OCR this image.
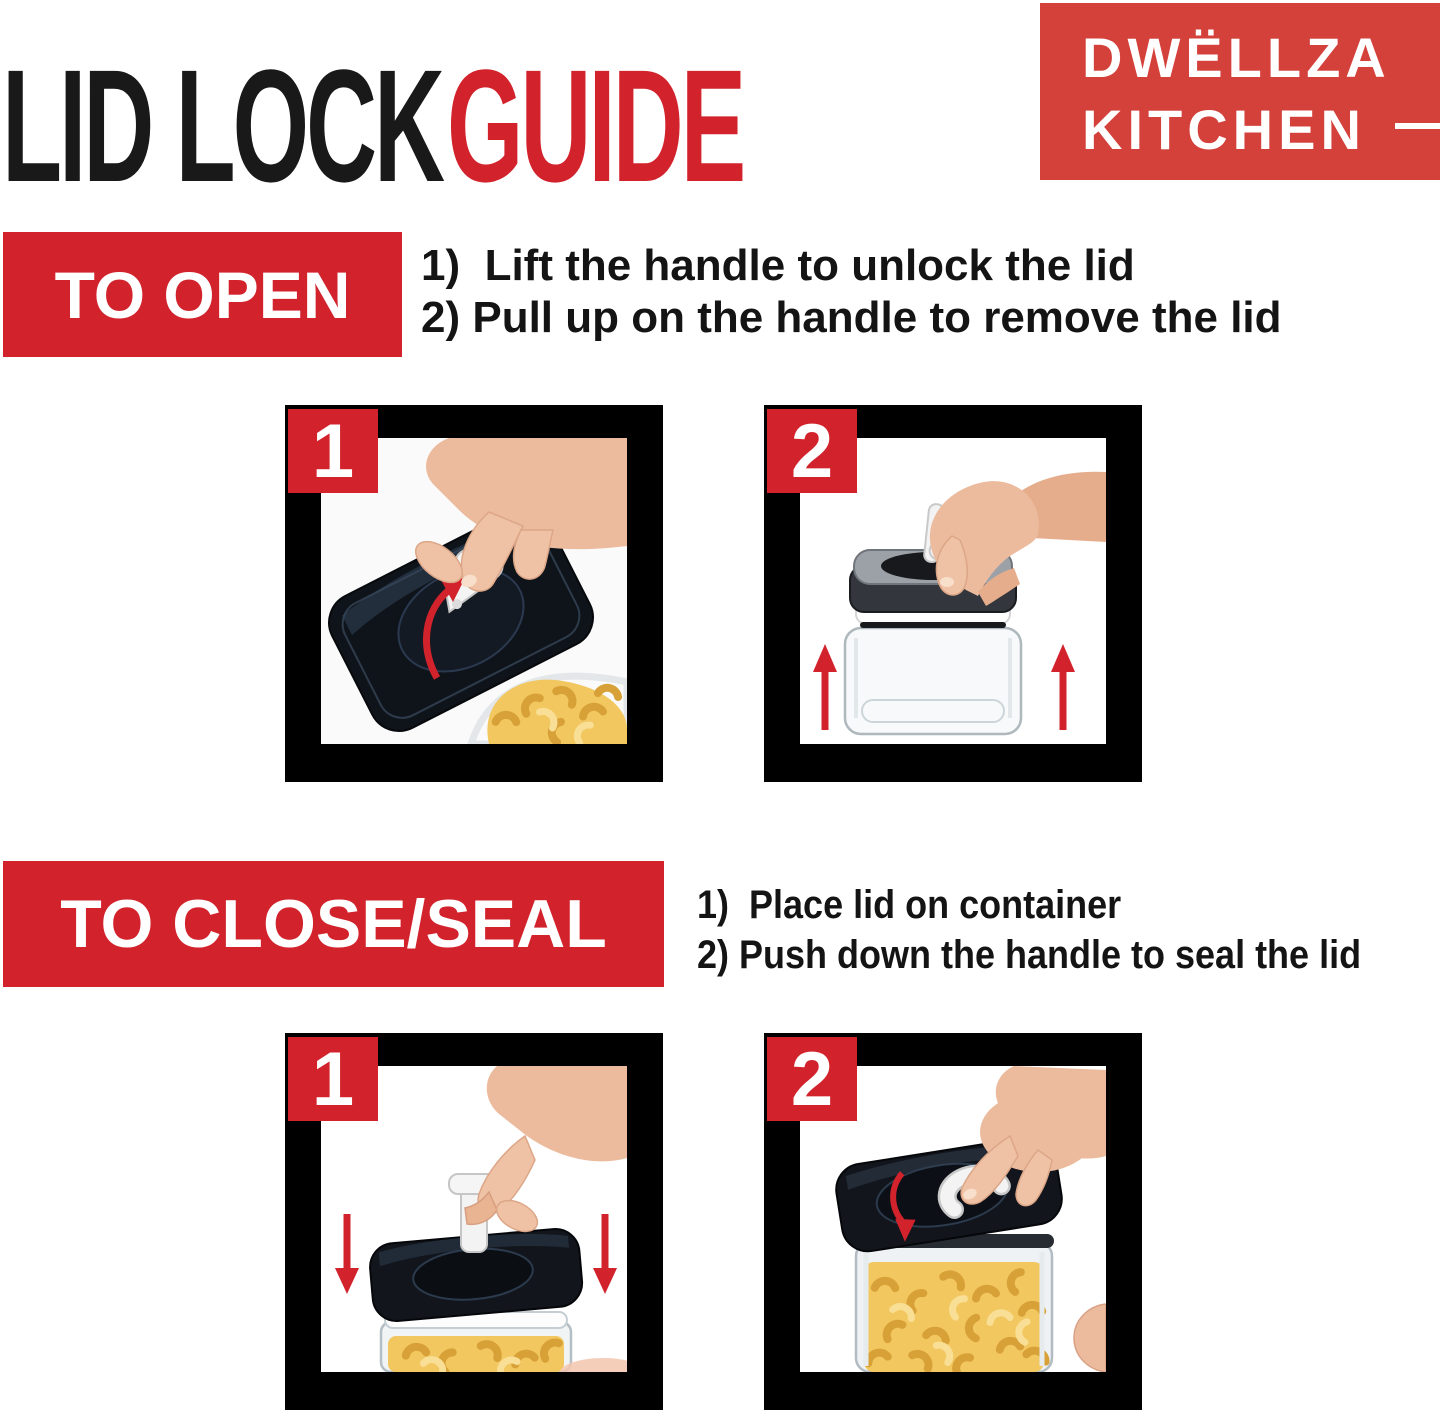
LID LOCKGUIDE	DWËLLZA
KITCHEN
TO OPEN	1)  Lift the handle to unlock the lid
2) Pull up on the handle to remove the lid
1	2
TO CLOSE/SEAL	1)  Place lid on container
2) Push down the handle to seal the lid
1	2
